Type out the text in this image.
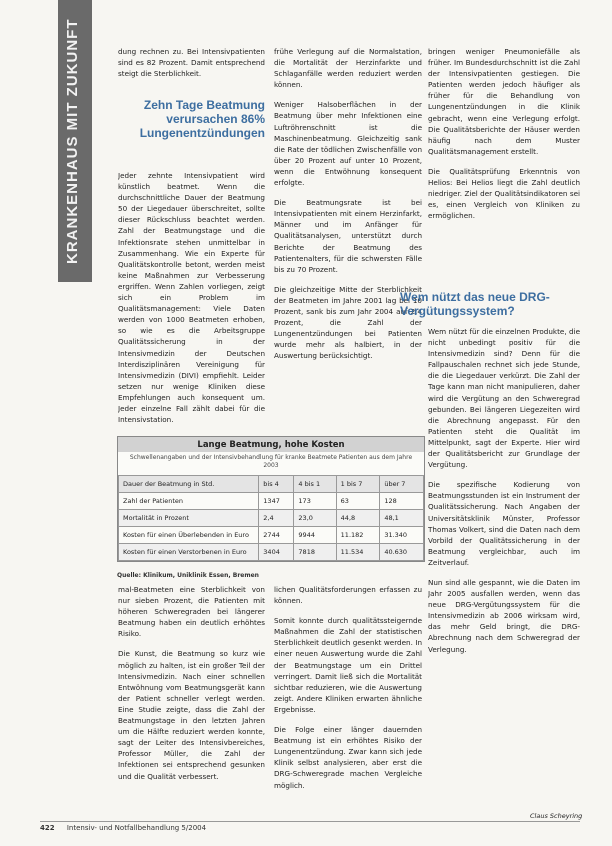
KRANKENHAUS MIT ZUKUNFT	dung rechnen zu. Bei Intensivpatienten sind es 82 Prozent. Damit entsprechend steigt die Sterblichkeit.

Zehn Tage Beatmung verursachen 86% Lungenentzündungen

Jeder zehnte Intensivpatient wird künstlich beatmet. Wenn die durchschnittliche Dauer der Beatmung 50 der Liegedauer überschreitet, sollte dieser Rückschluss beachtet werden. Zahl der Beatmungstage und die Infektionsrate stehen unmittelbar in Zusammenhang. Wie ein Experte für Qualitätskontrolle betont, werden meist keine Maßnahmen zur Verbesserung ergriffen. Wenn Zahlen vorliegen, zeigt sich ein Problem im Qualitätsmanagement: Viele Daten werden von 1000 Beatmeten erhoben, so wie es die Arbeitsgruppe Qualitätssicherung in der Intensivmedizin der Deutschen Interdisziplinären Vereinigung für Intensivmedizin (DIVI) empfiehlt. Leider setzen nur wenige Kliniken diese Empfehlungen auch konsequent um. Jeder einzelne Fall zählt dabei für die Intensivstation.

frühe Verlegung auf die Normalstation, die Mortalität der Herzinfarkte und Schlaganfälle werden reduziert werden können.

Weniger Halsoberflächen in der Beatmung über mehr Infektionen eine Luftröhrenschnitt ist die Maschinenbeatmung. Gleichzeitig sank die Rate der tödlichen Zwischenfälle von über 20 Prozent auf unter 10 Prozent, wenn die Entwöhnung konsequent erfolgte.

Die Beatmungsrate ist bei Intensivpatienten mit einem Herzinfarkt, Männer und im Anfänger für Qualitätsanalysen, unterstützt durch Berichte der Beatmung des Patientenalters, für die schwersten Fälle bis zu 70 Prozent.

Die gleichzeitige Mitte der Sterblichkeit der Beatmeten im Jahre 2001 lag bei 10 Prozent, sank bis zum Jahr 2004 auf 2,4 Prozent, die Zahl der Lungenentzündungen bei Patienten wurde mehr als halbiert, in der Auswertung berücksichtigt.

bringen weniger Pneumoniefälle als früher. Im Bundesdurchschnitt ist die Zahl der Intensivpatienten gestiegen. Die Patienten werden jedoch häufiger als früher für die Behandlung von Lungenentzündungen in die Klinik gebracht, wenn eine Verlegung erfolgt. Die Qualitätsberichte der Häuser werden häufig nach dem Muster Qualitätsmanagement erstellt.

Die Qualitätsprüfung Erkenntnis von Helios: Bei Helios liegt die Zahl deutlich niedriger. Ziel der Qualitätsindikatoren sei es, einen Vergleich von Kliniken zu ermöglichen.

Wem nützt das neue DRG-Vergütungssystem?

Wem nützt für die einzelnen Produkte, die nicht unbedingt positiv für die Intensivmedizin sind? Denn für die Fallpauschalen rechnet sich jede Stunde, die die Liegedauer verkürzt. Die Zahl der Tage kann man nicht manipulieren, daher wird die Vergütung an den Schweregrad gebunden. Bei längeren Liegezeiten wird die Abrechnung angepasst. Für den Patienten steht die Qualität im Mittelpunkt, sagt der Experte. Hier wird der Qualitätsbericht zur Grundlage der Vergütung.

Die spezifische Kodierung von Beatmungsstunden ist ein Instrument der Qualitätssicherung. Nach Angaben der Universitätsklinik Münster, Professor Thomas Volkert, sind die Daten nach dem Vorbild der Qualitätssicherung in der Beatmung vergleichbar, auch im Zeitverlauf.

Nun sind alle gespannt, wie die Daten im Jahr 2005 ausfallen werden, wenn das neue DRG-Vergütungssystem für die Intensivmedizin ab 2006 wirksam wird, das mehr Geld bringt, die DRG-Abrechnung nach dem Schweregrad der Verlegung.

Lange Beatmung, hohe Kosten
Schwellenangaben und der Intensivbehandlung für kranke Beatmete Patienten aus dem Jahre 2003
Dauer der Beatmung in Std.	bis 4	4 bis 1	1 bis 7	über 7
Zahl der Patienten	1347	173	63	128
Mortalität in Prozent	2,4	23,0	44,8	48,1
Kosten für einen Überlebenden in Euro	2744	9944	11.182	31.340
Kosten für einen Verstorbenen in Euro	3404	7818	11.534	40.630
Quelle: Klinikum, Uniklinik Essen, Bremen

mal-Beatmeten eine Sterblichkeit von nur sieben Prozent, die Patienten mit höheren Schweregraden bei längerer Beatmung haben ein deutlich erhöhtes Risiko.

Die Kunst, die Beatmung so kurz wie möglich zu halten, ist ein großer Teil der Intensivmedizin. Nach einer schnellen Entwöhnung vom Beatmungsgerät kann der Patient schneller verlegt werden. Eine Studie zeigte, dass die Zahl der Beatmungstage in den letzten Jahren um die Hälfte reduziert werden konnte, sagt der Leiter des Intensivbereiches, Professor Müller, die Zahl der Infektionen sei entsprechend gesunken und die Qualität verbessert.

lichen Qualitätsforderungen erfassen zu können.

Somit konnte durch qualitätssteigernde Maßnahmen die Zahl der statistischen Sterblichkeit deutlich gesenkt werden. In einer neuen Auswertung wurde die Zahl der Beatmungstage um ein Drittel verringert. Damit ließ sich die Mortalität sichtbar reduzieren, wie die Auswertung zeigt. Andere Kliniken erwarten ähnliche Ergebnisse.

Die Folge einer länger dauernden Beatmung ist ein erhöhtes Risiko der Lungenentzündung. Zwar kann sich jede Klinik selbst analysieren, aber erst die DRG-Schweregrade machen Vergleiche möglich.

Claus Scheyring
422 Intensiv- und Notfallbehandlung 5/2004
